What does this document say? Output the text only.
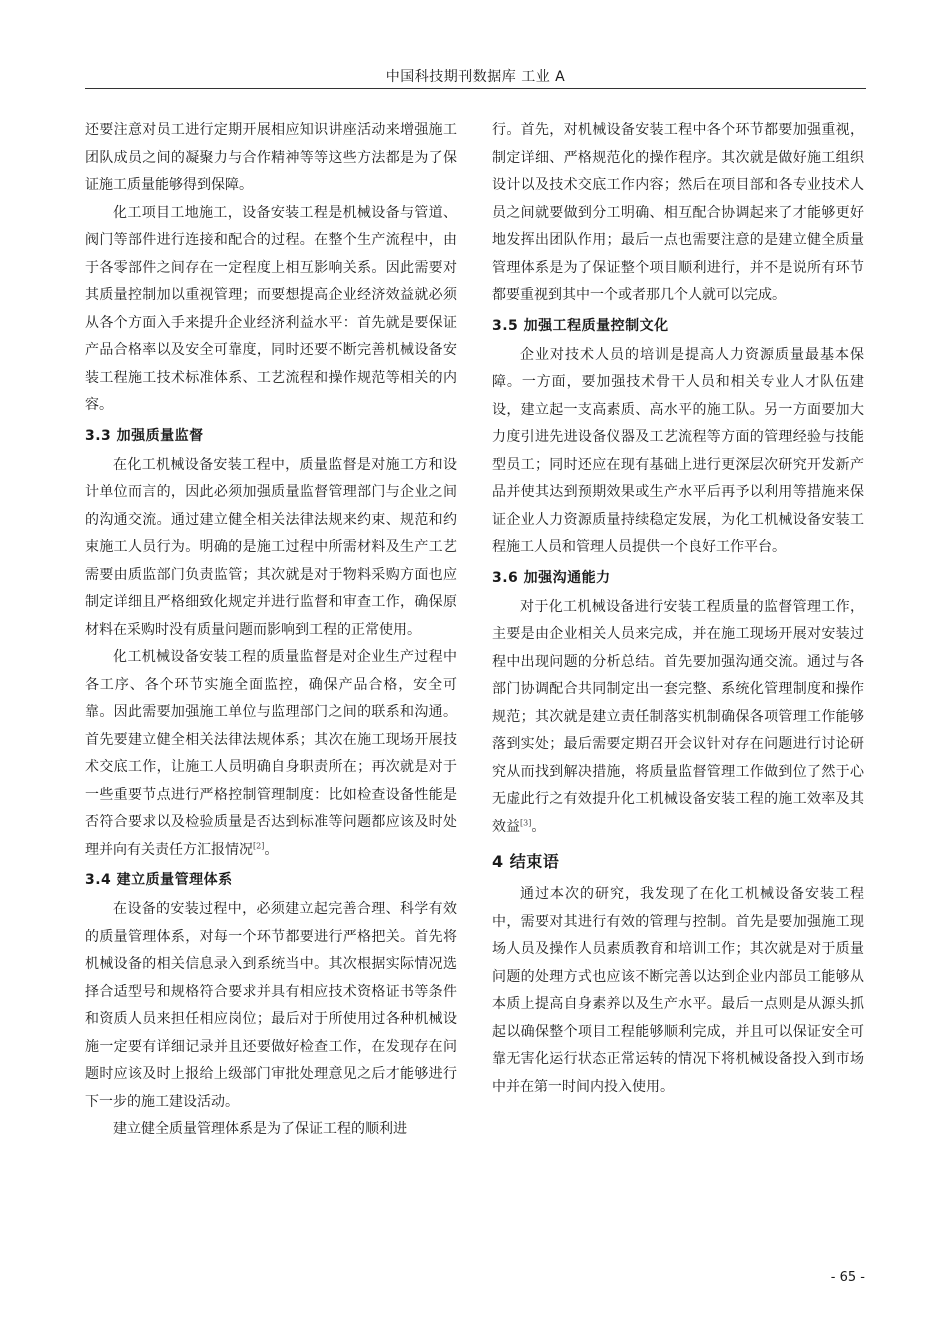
中国科技期刊数据库 工业 A

还要注意对员工进行定期开展相应知识讲座活动来增强施工团队成员之间的凝聚力与合作精神等等这些方法都是为了保证施工质量能够得到保障。

化工项目工地施工，设备安装工程是机械设备与管道、阀门等部件进行连接和配合的过程。在整个生产流程中，由于各零部件之间存在一定程度上相互影响关系。因此需要对其质量控制加以重视管理；而要想提高企业经济效益就必须从各个方面入手来提升企业经济利益水平：首先就是要保证产品合格率以及安全可靠度，同时还要不断完善机械设备安装工程施工技术标准体系、工艺流程和操作规范等相关的内容。

3.3 加强质量监督

在化工机械设备安装工程中，质量监督是对施工方和设计单位而言的，因此必须加强质量监督管理部门与企业之间的沟通交流。通过建立健全相关法律法规来约束、规范和约束施工人员行为。明确的是施工过程中所需材料及生产工艺需要由质监部门负责监管；其次就是对于物料采购方面也应制定详细且严格细致化规定并进行监督和审查工作，确保原材料在采购时没有质量问题而影响到工程的正常使用。

化工机械设备安装工程的质量监督是对企业生产过程中各工序、各个环节实施全面监控，确保产品合格，安全可靠。因此需要加强施工单位与监理部门之间的联系和沟通。首先要建立健全相关法律法规体系；其次在施工现场开展技术交底工作，让施工人员明确自身职责所在；再次就是对于一些重要节点进行严格控制管理制度：比如检查设备性能是否符合要求以及检验质量是否达到标准等问题都应该及时处理并向有关责任方汇报情况[2]。

3.4 建立质量管理体系

在设备的安装过程中，必须建立起完善合理、科学有效的质量管理体系，对每一个环节都要进行严格把关。首先将机械设备的相关信息录入到系统当中。其次根据实际情况选择合适型号和规格符合要求并具有相应技术资格证书等条件和资质人员来担任相应岗位；最后对于所使用过各种机械设施一定要有详细记录并且还要做好检查工作，在发现存在问题时应该及时上报给上级部门审批处理意见之后才能够进行下一步的施工建设活动。

建立健全质量管理体系是为了保证工程的顺利进

行。首先，对机械设备安装工程中各个环节都要加强重视，制定详细、严格规范化的操作程序。其次就是做好施工组织设计以及技术交底工作内容；然后在项目部和各专业技术人员之间就要做到分工明确、相互配合协调起来了才能够更好地发挥出团队作用；最后一点也需要注意的是建立健全质量管理体系是为了保证整个项目顺利进行，并不是说所有环节都要重视到其中一个或者那几个人就可以完成。

3.5 加强工程质量控制文化

企业对技术人员的培训是提高人力资源质量最基本保障。一方面，要加强技术骨干人员和相关专业人才队伍建设，建立起一支高素质、高水平的施工队。另一方面要加大力度引进先进设备仪器及工艺流程等方面的管理经验与技能型员工；同时还应在现有基础上进行更深层次研究开发新产品并使其达到预期效果或生产水平后再予以利用等措施来保证企业人力资源质量持续稳定发展，为化工机械设备安装工程施工人员和管理人员提供一个良好工作平台。

3.6 加强沟通能力

对于化工机械设备进行安装工程质量的监督管理工作，主要是由企业相关人员来完成，并在施工现场开展对安装过程中出现问题的分析总结。首先要加强沟通交流。通过与各部门协调配合共同制定出一套完整、系统化管理制度和操作规范；其次就是建立责任制落实机制确保各项管理工作能够落到实处；最后需要定期召开会议针对存在问题进行讨论研究从而找到解决措施，将质量监督管理工作做到位了然于心无虚此行之有效提升化工机械设备安装工程的施工效率及其效益[3]。

4 结束语

通过本次的研究，我发现了在化工机械设备安装工程中，需要对其进行有效的管理与控制。首先是要加强施工现场人员及操作人员素质教育和培训工作；其次就是对于质量问题的处理方式也应该不断完善以达到企业内部员工能够从本质上提高自身素养以及生产水平。最后一点则是从源头抓起以确保整个项目工程能够顺利完成，并且可以保证安全可靠无害化运行状态正常运转的情况下将机械设备投入到市场中并在第一时间内投入使用。

- 65 -
